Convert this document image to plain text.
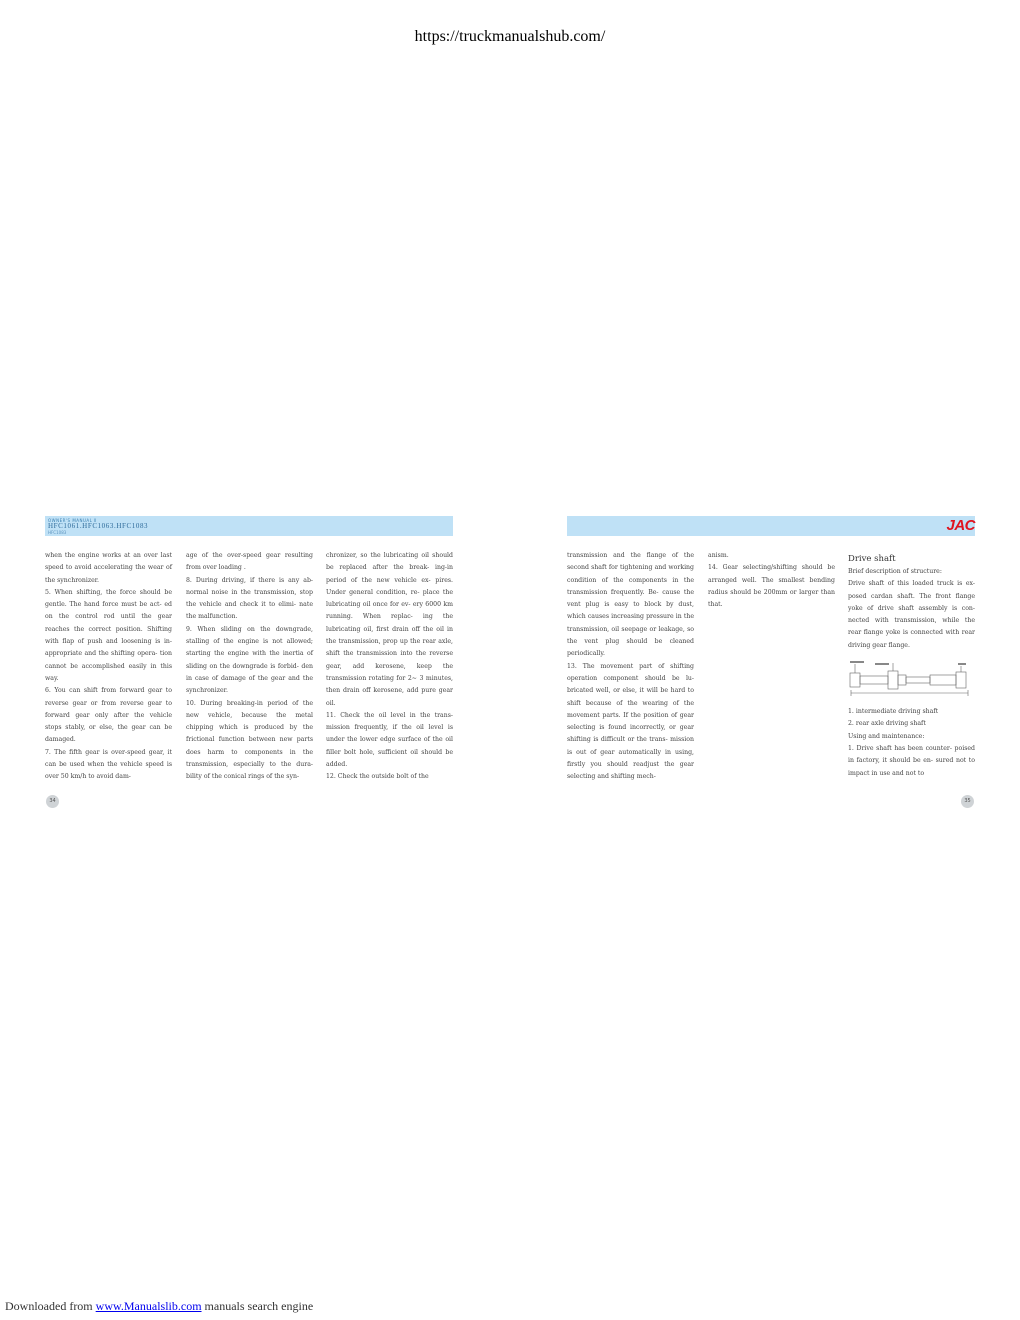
https://truckmanualshub.com/
OWNER'S MANUAL Ⅱ
HFC1061.HFC1063.HFC1083
HFC1083

when the engine works at an over last speed to avoid accelerating the wear of the synchronizer.

5. When shifting, the force should be gentle. The hand force must be act- ed on the control rod until the gear reaches the correct position. Shifting with flap of push and loosening is in- appropriate and the shifting opera- tion cannot be accomplished easily in this way.

6. You can shift from forward gear to reverse gear or from reverse gear to forward gear only after the vehicle stops stably, or else, the gear can be damaged.

7. The fifth gear is over-speed gear, it can be used when the vehicle speed is over 50 km/h to avoid dam-

age of the over-speed gear resulting from over loading .

8. During driving, if there is any ab- normal noise in the transmission, stop the vehicle and check it to elimi- nate the malfunction.

9. When sliding on the downgrade, stalling of the engine is not allowed; starting the engine with the inertia of sliding on the downgrade is forbid- den in case of damage of the gear and the synchronizer.

10. During breaking-in period of the new vehicle, because the metal chipping which is produced by the frictional function between new parts does harm to components in the transmission, especially to the dura- bility of the conical rings of the syn-

chronizer, so the lubricating oil should be replaced after the break- ing-in period of the new vehicle ex- pires. Under general condition, re- place the lubricating oil once for ev- ery 6000 km running. When replac- ing the lubricating oil, first drain off the oil in the transmission, prop up the rear axle, shift the transmission into the reverse gear, add kerosene, keep the transmission rotating for 2~ 3 minutes, then drain off kerosene, add pure gear oil.

11. Check the oil level in the trans- mission frequently, if the oil level is under the lower edge surface of the oil filler bolt hole, sufficient oil should be added.

12. Check the outside bolt of the

34
JAC

transmission and the flange of the second shaft for tightening and working condition of the components in the transmission frequently. Be- cause the vent plug is easy to block by dust, which causes increasing pressure in the transmission, oil seepage or leakage, so the vent plug should be cleaned periodically.

13. The movement part of shifting operation component should be lu- bricated well, or else, it will be hard to shift because of the wearing of the movement parts. If the position of gear selecting is found incorrectly, or gear shifting is difficult or the trans- mission is out of gear automatically in using, firstly you should readjust the gear selecting and shifting mech-

anism.

14. Gear selecting/shifting should be arranged well. The smallest bending radius should be 200mm or larger than that.

Drive shaft

Brief description of structure:

Drive shaft of this loaded truck is ex- posed cardan shaft. The front flange yoke of drive shaft assembly is con- nected with transmission, while the rear flange yoke is connected with rear driving gear flange.

1. intermediate driving shaft

2. rear axle driving shaft

Using and maintenance:

1. Drive shaft has been counter- poised in factory, it should be en- sured not to impact in use and not to

35
Downloaded from www.Manualslib.com manuals search engine
